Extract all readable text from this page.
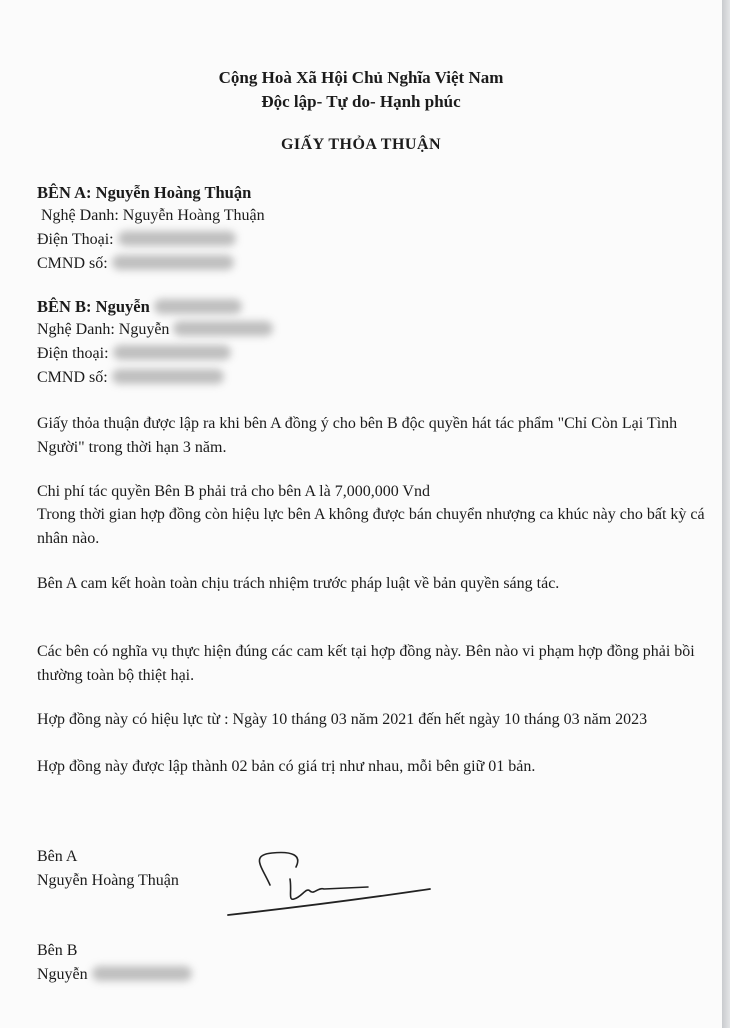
Cộng Hoà Xã Hội Chủ Nghĩa Việt Nam
Độc lập- Tự do- Hạnh phúc
GIẤY THỎA THUẬN
BÊN A: Nguyễn Hoàng Thuận
Nghệ Danh: Nguyễn Hoàng Thuận
Điện Thoại:
CMND số:
BÊN B: Nguyễn
Nghệ Danh: Nguyễn
Điện thoại:
CMND số:
Giấy thỏa thuận được lập ra khi bên A đồng ý cho bên B độc quyền hát tác phẩm "Chỉ Còn Lại Tình Người" trong thời hạn 3 năm.
Chi phí tác quyền Bên B phải trả cho bên A là 7,000,000 Vnd
Trong thời gian hợp đồng còn hiệu lực bên A không được bán chuyển nhượng ca khúc này cho bất kỳ cá nhân nào.
Bên A cam kết hoàn toàn chịu trách nhiệm trước pháp luật về bản quyền sáng tác.
Các bên có nghĩa vụ thực hiện đúng các cam kết tại hợp đồng này. Bên nào vi phạm hợp đồng phải bồi thường toàn bộ thiệt hại.
Hợp đồng này có hiệu lực từ : Ngày 10 tháng 03 năm 2021 đến hết ngày 10 tháng 03 năm 2023
Hợp đồng này được lập thành 02 bản có giá trị như nhau, mỗi bên giữ 01 bản.
Bên A
Nguyễn Hoàng Thuận
Bên B
Nguyễn
